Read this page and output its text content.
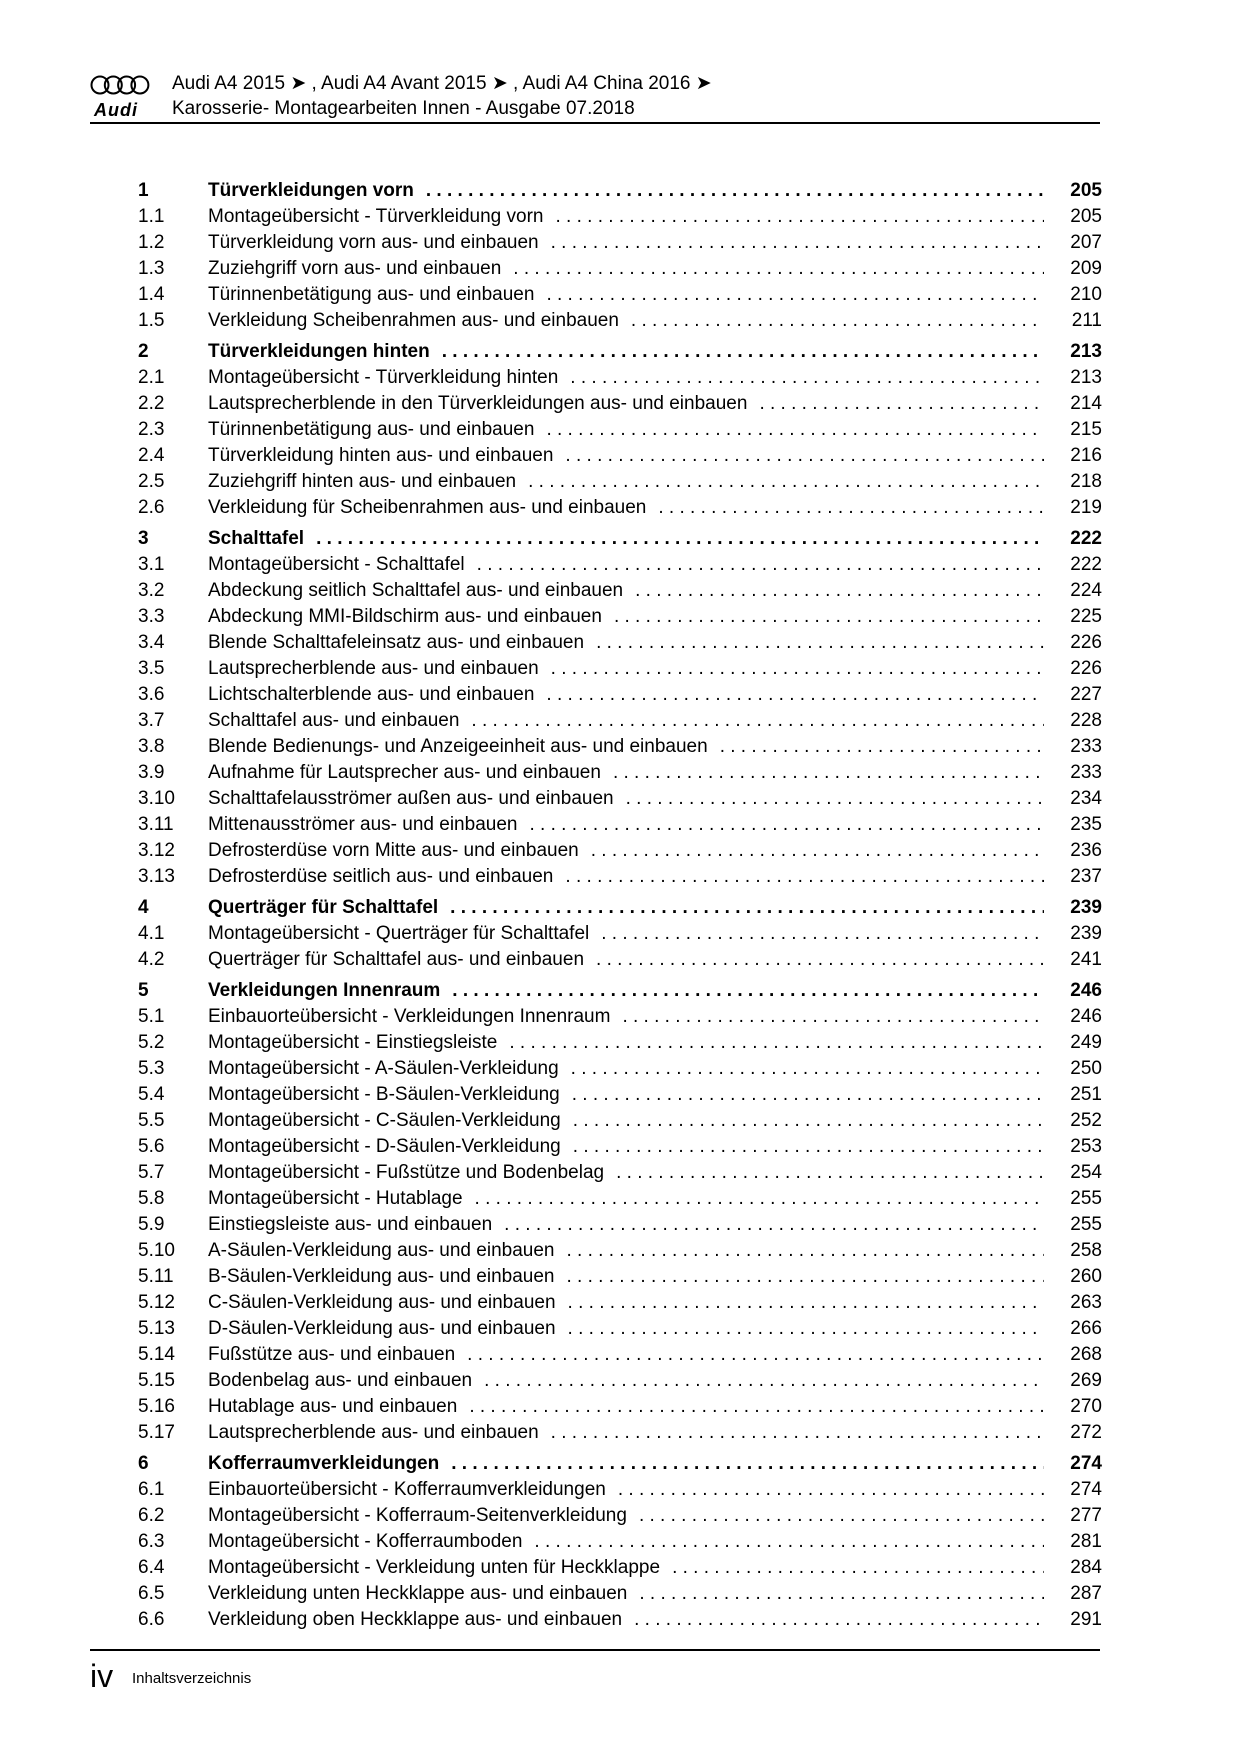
Audi
Audi A4 2015 ➤ , Audi A4 Avant 2015 ➤ , Audi A4 China 2016 ➤
Karosserie- Montagearbeiten Innen - Ausgabe 07.2018
1	Türverkleidungen vorn . . .	205
1.1	Montageübersicht - Türverkleidung vorn . . .	205
1.2	Türverkleidung vorn aus- und einbauen . . .	207
1.3	Zuziehgriff vorn aus- und einbauen . . .	209
1.4	Türinnenbetätigung aus- und einbauen . . .	210
1.5	Verkleidung Scheibenrahmen aus- und einbauen . . .	211
2	Türverkleidungen hinten . . .	213
2.1	Montageübersicht - Türverkleidung hinten . . .	213
2.2	Lautsprecherblende in den Türverkleidungen aus- und einbauen . . .	214
2.3	Türinnenbetätigung aus- und einbauen . . .	215
2.4	Türverkleidung hinten aus- und einbauen . . .	216
2.5	Zuziehgriff hinten aus- und einbauen . . .	218
2.6	Verkleidung für Scheibenrahmen aus- und einbauen . . .	219
3	Schalttafel . . .	222
3.1	Montageübersicht - Schalttafel . . .	222
3.2	Abdeckung seitlich Schalttafel aus- und einbauen . . .	224
3.3	Abdeckung MMI-Bildschirm aus- und einbauen . . .	225
3.4	Blende Schalttafeleinsatz aus- und einbauen . . .	226
3.5	Lautsprecherblende aus- und einbauen . . .	226
3.6	Lichtschalterblende aus- und einbauen . . .	227
3.7	Schalttafel aus- und einbauen . . .	228
3.8	Blende Bedienungs- und Anzeigeeinheit aus- und einbauen . . .	233
3.9	Aufnahme für Lautsprecher aus- und einbauen . . .	233
3.10	Schalttafelausströmer außen aus- und einbauen . . .	234
3.11	Mittenausströmer aus- und einbauen . . .	235
3.12	Defrosterdüse vorn Mitte aus- und einbauen . . .	236
3.13	Defrosterdüse seitlich aus- und einbauen . . .	237
4	Querträger für Schalttafel . . .	239
4.1	Montageübersicht - Querträger für Schalttafel . . .	239
4.2	Querträger für Schalttafel aus- und einbauen . . .	241
5	Verkleidungen Innenraum . . .	246
5.1	Einbauorteübersicht - Verkleidungen Innenraum . . .	246
5.2	Montageübersicht - Einstiegsleiste . . .	249
5.3	Montageübersicht - A-Säulen-Verkleidung . . .	250
5.4	Montageübersicht - B-Säulen-Verkleidung . . .	251
5.5	Montageübersicht - C-Säulen-Verkleidung . . .	252
5.6	Montageübersicht - D-Säulen-Verkleidung . . .	253
5.7	Montageübersicht - Fußstütze und Bodenbelag . . .	254
5.8	Montageübersicht - Hutablage . . .	255
5.9	Einstiegsleiste aus- und einbauen . . .	255
5.10	A-Säulen-Verkleidung aus- und einbauen . . .	258
5.11	B-Säulen-Verkleidung aus- und einbauen . . .	260
5.12	C-Säulen-Verkleidung aus- und einbauen . . .	263
5.13	D-Säulen-Verkleidung aus- und einbauen . . .	266
5.14	Fußstütze aus- und einbauen . . .	268
5.15	Bodenbelag aus- und einbauen . . .	269
5.16	Hutablage aus- und einbauen . . .	270
5.17	Lautsprecherblende aus- und einbauen . . .	272
6	Kofferraumverkleidungen . . .	274
6.1	Einbauorteübersicht - Kofferraumverkleidungen . . .	274
6.2	Montageübersicht - Kofferraum-Seitenverkleidung . . .	277
6.3	Montageübersicht - Kofferraumboden . . .	281
6.4	Montageübersicht - Verkleidung unten für Heckklappe . . .	284
6.5	Verkleidung unten Heckklappe aus- und einbauen . . .	287
6.6	Verkleidung oben Heckklappe aus- und einbauen . . .	291
iv Inhaltsverzeichnis
